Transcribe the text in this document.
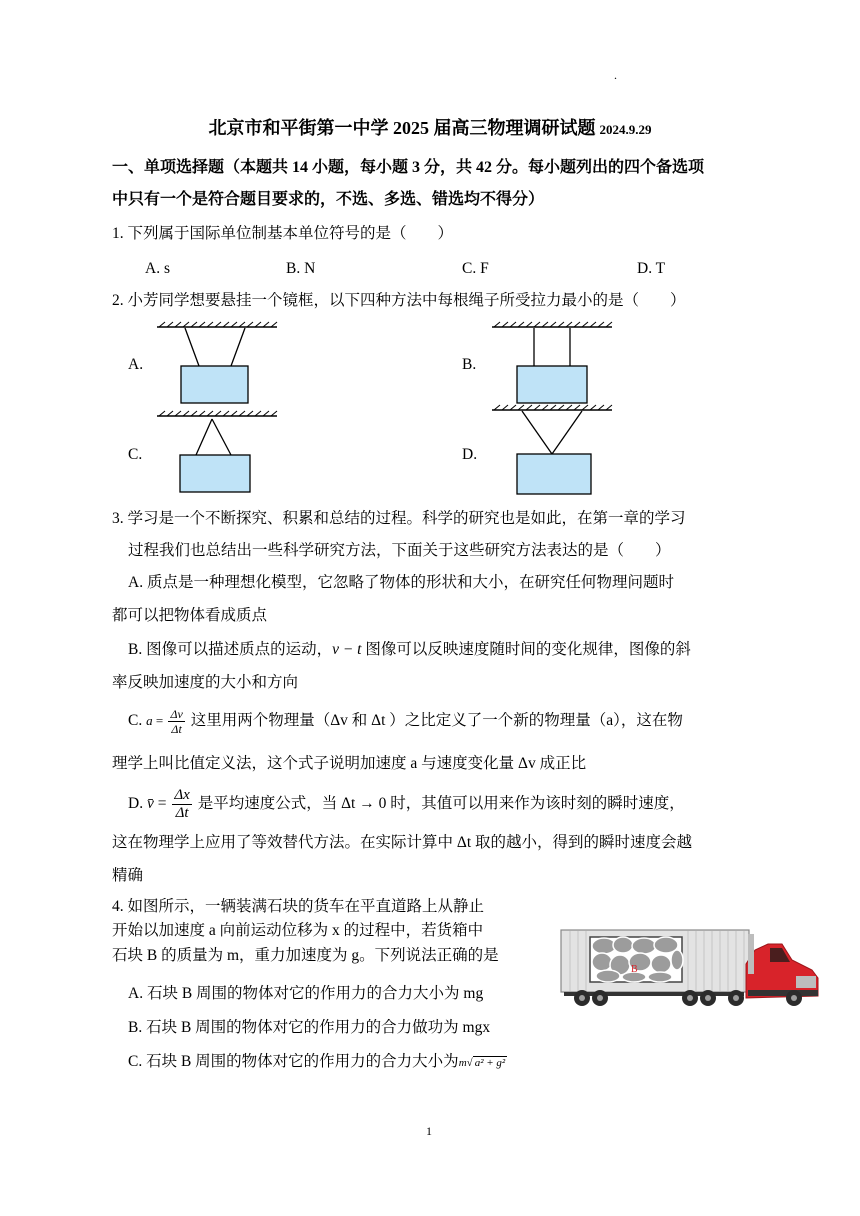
.
北京市和平街第一中学 2025 届高三物理调研试题 2024.9.29
一、单项选择题（本题共 14 小题，每小题 3 分，共 42 分。每小题列出的四个备选项
中只有一个是符合题目要求的，不选、多选、错选均不得分）
1. 下列属于国际单位制基本单位符号的是（　　）
A. s	B. N	C. F	D. T
2. 小芳同学想要悬挂一个镜框，以下四种方法中每根绳子所受拉力最小的是（　　）
A.	B.
C.	D.
3. 学习是一个不断探究、积累和总结的过程。科学的研究也是如此，在第一章的学习
过程我们也总结出一些科学研究方法，下面关于这些研究方法表达的是（　　）
A. 质点是一种理想化模型，它忽略了物体的形状和大小，在研究任何物理问题时
都可以把物体看成质点
B. 图像可以描述质点的运动，v − t 图像可以反映速度随时间的变化规律，图像的斜
率反映加速度的大小和方向
C. $a = \frac{\Delta v}{\Delta t}$ 这里用两个物理量（Δv 和 Δt ）之比定义了一个新的物理量（a），这在物
理学上叫比值定义法，这个式子说明加速度 a 与速度变化量 Δv 成正比
D. v̄ = $\frac{\Delta x}{\Delta t}$ 是平均速度公式，当 Δt → 0 时，其值可以用来作为该时刻的瞬时速度，
这在物理学上应用了等效替代方法。在实际计算中 Δt 取的越小，得到的瞬时速度会越
精确
4. 如图所示，一辆装满石块的货车在平直道路上从静止
开始以加速度 a 向前运动位移为 x 的过程中，若货箱中
石块 B 的质量为 m，重力加速度为 g。下列说法正确的是
A. 石块 B 周围的物体对它的作用力的合力大小为 mg
B. 石块 B 周围的物体对它的作用力的合力做功为 mgx
C. 石块 B 周围的物体对它的作用力的合力大小为m√ a² + g²
B
1
